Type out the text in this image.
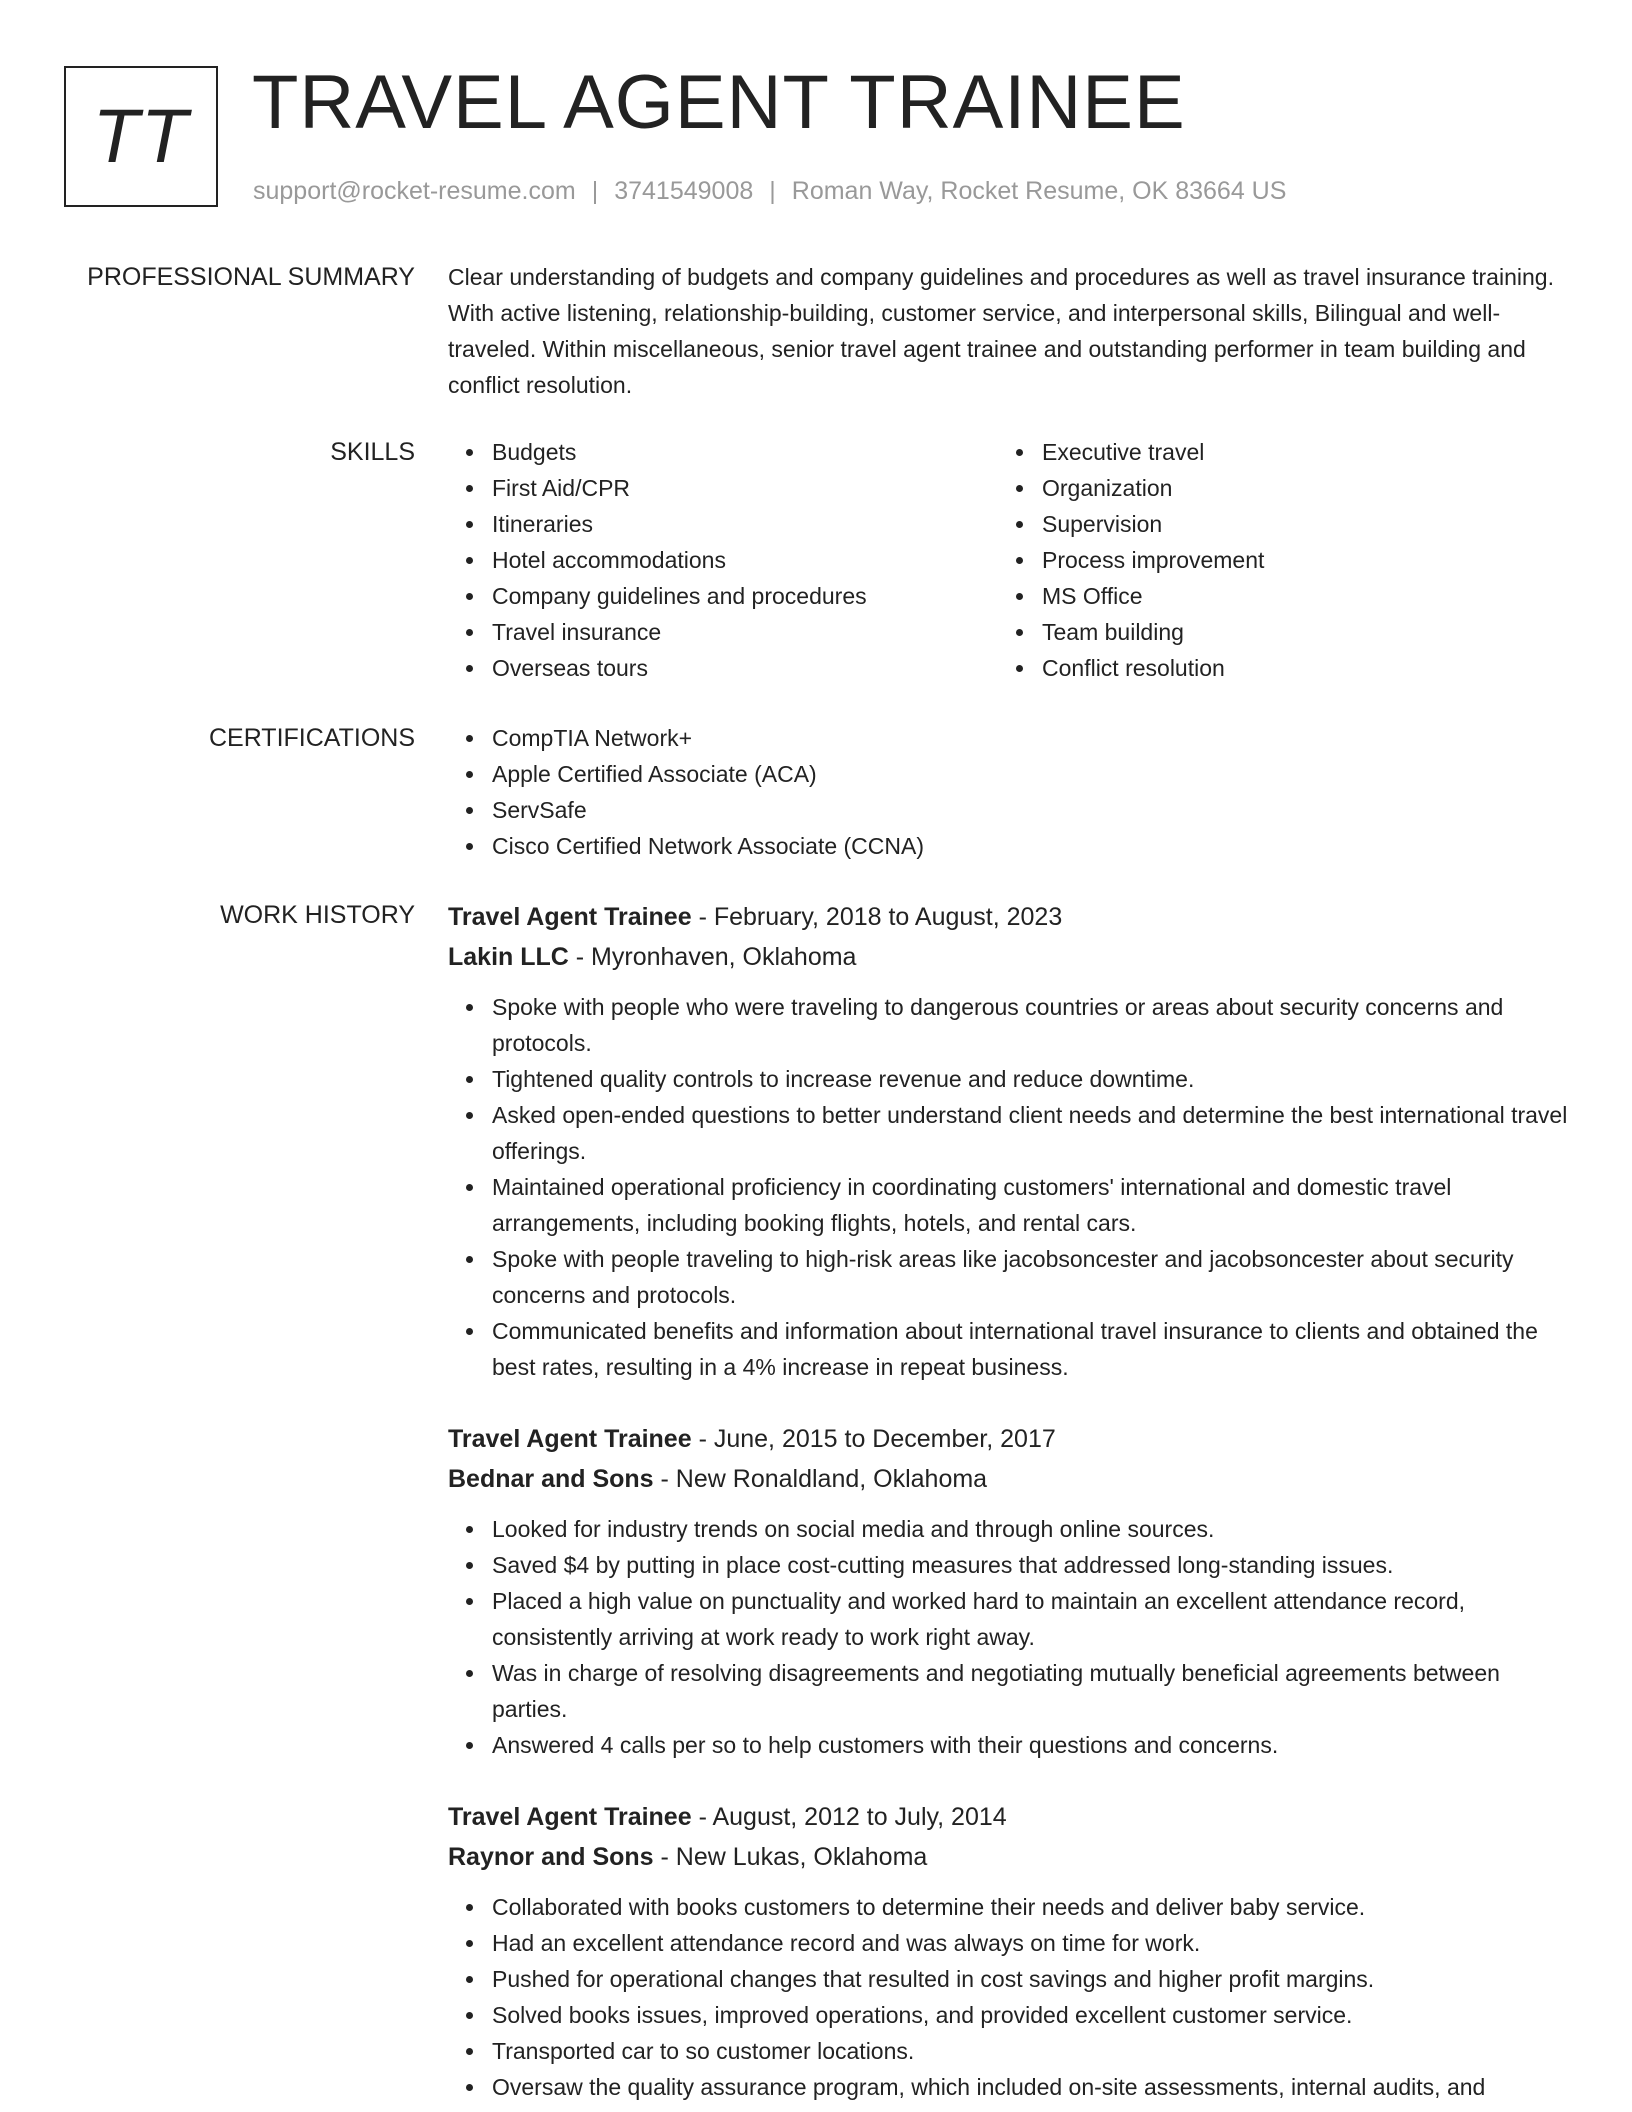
TT TRAVEL AGENT TRAINEE
support@rocket-resume.com | 3741549008 | Roman Way, Rocket Resume, OK 83664 US
PROFESSIONAL SUMMARY Clear understanding of budgets and company guidelines and procedures as well as travel insurance training. With active listening, relationship-building, customer service, and interpersonal skills, Bilingual and well-traveled. Within miscellaneous, senior travel agent trainee and outstanding performer in team building and conflict resolution.

SKILLS	Budgets
First Aid/CPR
Itineraries
Hotel accommodations
Company guidelines and procedures
Travel insurance
Overseas tours
Executive travel
Organization
Supervision
Process improvement
MS Office
Team building
Conflict resolution
CERTIFICATIONS	CompTIA Network+
Apple Certified Associate (ACA)
ServSafe
Cisco Certified Network Associate (CCNA)
WORK HISTORY Travel Agent Trainee - February, 2018 to August, 2023
Lakin LLC - Myronhaven, Oklahoma
Spoke with people who were traveling to dangerous countries or areas about security concerns and protocols.
Tightened quality controls to increase revenue and reduce downtime.
Asked open-ended questions to better understand client needs and determine the best international travel offerings.
Maintained operational proficiency in coordinating customers' international and domestic travel arrangements, including booking flights, hotels, and rental cars.
Spoke with people traveling to high-risk areas like jacobsoncester and jacobsoncester about security concerns and protocols.
Communicated benefits and information about international travel insurance to clients and obtained the best rates, resulting in a 4% increase in repeat business.
Travel Agent Trainee - June, 2015 to December, 2017
Bednar and Sons - New Ronaldland, Oklahoma
Looked for industry trends on social media and through online sources.
Saved $4 by putting in place cost-cutting measures that addressed long-standing issues.
Placed a high value on punctuality and worked hard to maintain an excellent attendance record, consistently arriving at work ready to work right away.
Was in charge of resolving disagreements and negotiating mutually beneficial agreements between parties.
Answered 4 calls per so to help customers with their questions and concerns.
Travel Agent Trainee - August, 2012 to July, 2014
Raynor and Sons - New Lukas, Oklahoma
Collaborated with books customers to determine their needs and deliver baby service.
Had an excellent attendance record and was always on time for work.
Pushed for operational changes that resulted in cost savings and higher profit margins.
Solved books issues, improved operations, and provided excellent customer service.
Transported car to so customer locations.
Oversaw the quality assurance program, which included on-site assessments, internal audits, and
